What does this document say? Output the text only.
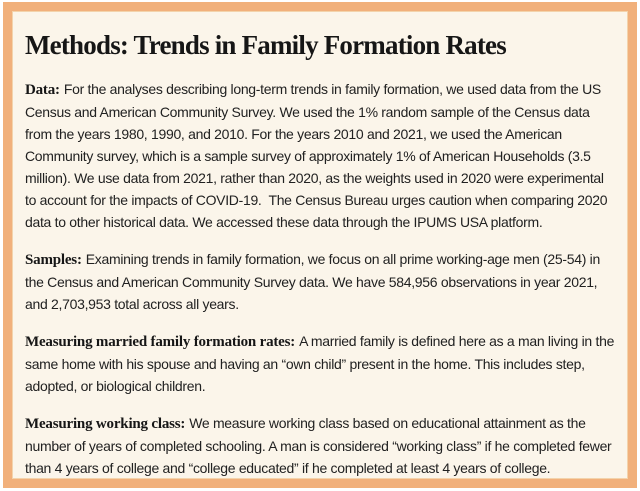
Methods: Trends in Family Formation Rates

Data: For the analyses describing long-term trends in family formation, we used data from the US Census and American Community Survey. We used the 1% random sample of the Census data from the years 1980, 1990, and 2010. For the years 2010 and 2021, we used the American Community survey, which is a sample survey of approximately 1% of American Households (3.5 million). We use data from 2021, rather than 2020, as the weights used in 2020 were experimental to account for the impacts of COVID-19.  The Census Bureau urges caution when comparing 2020 data to other historical data. We accessed these data through the IPUMS USA platform.

Samples: Examining trends in family formation, we focus on all prime working-age men (25-54) in the Census and American Community Survey data. We have 584,956 observations in year 2021, and 2,703,953 total across all years.

Measuring married family formation rates: A married family is defined here as a man living in the same home with his spouse and having an “own child” present in the home. This includes step, adopted, or biological children.

Measuring working class: We measure working class based on educational attainment as the number of years of completed schooling. A man is considered “working class” if he completed fewer than 4 years of college and “college educated” if he completed at least 4 years of college.
